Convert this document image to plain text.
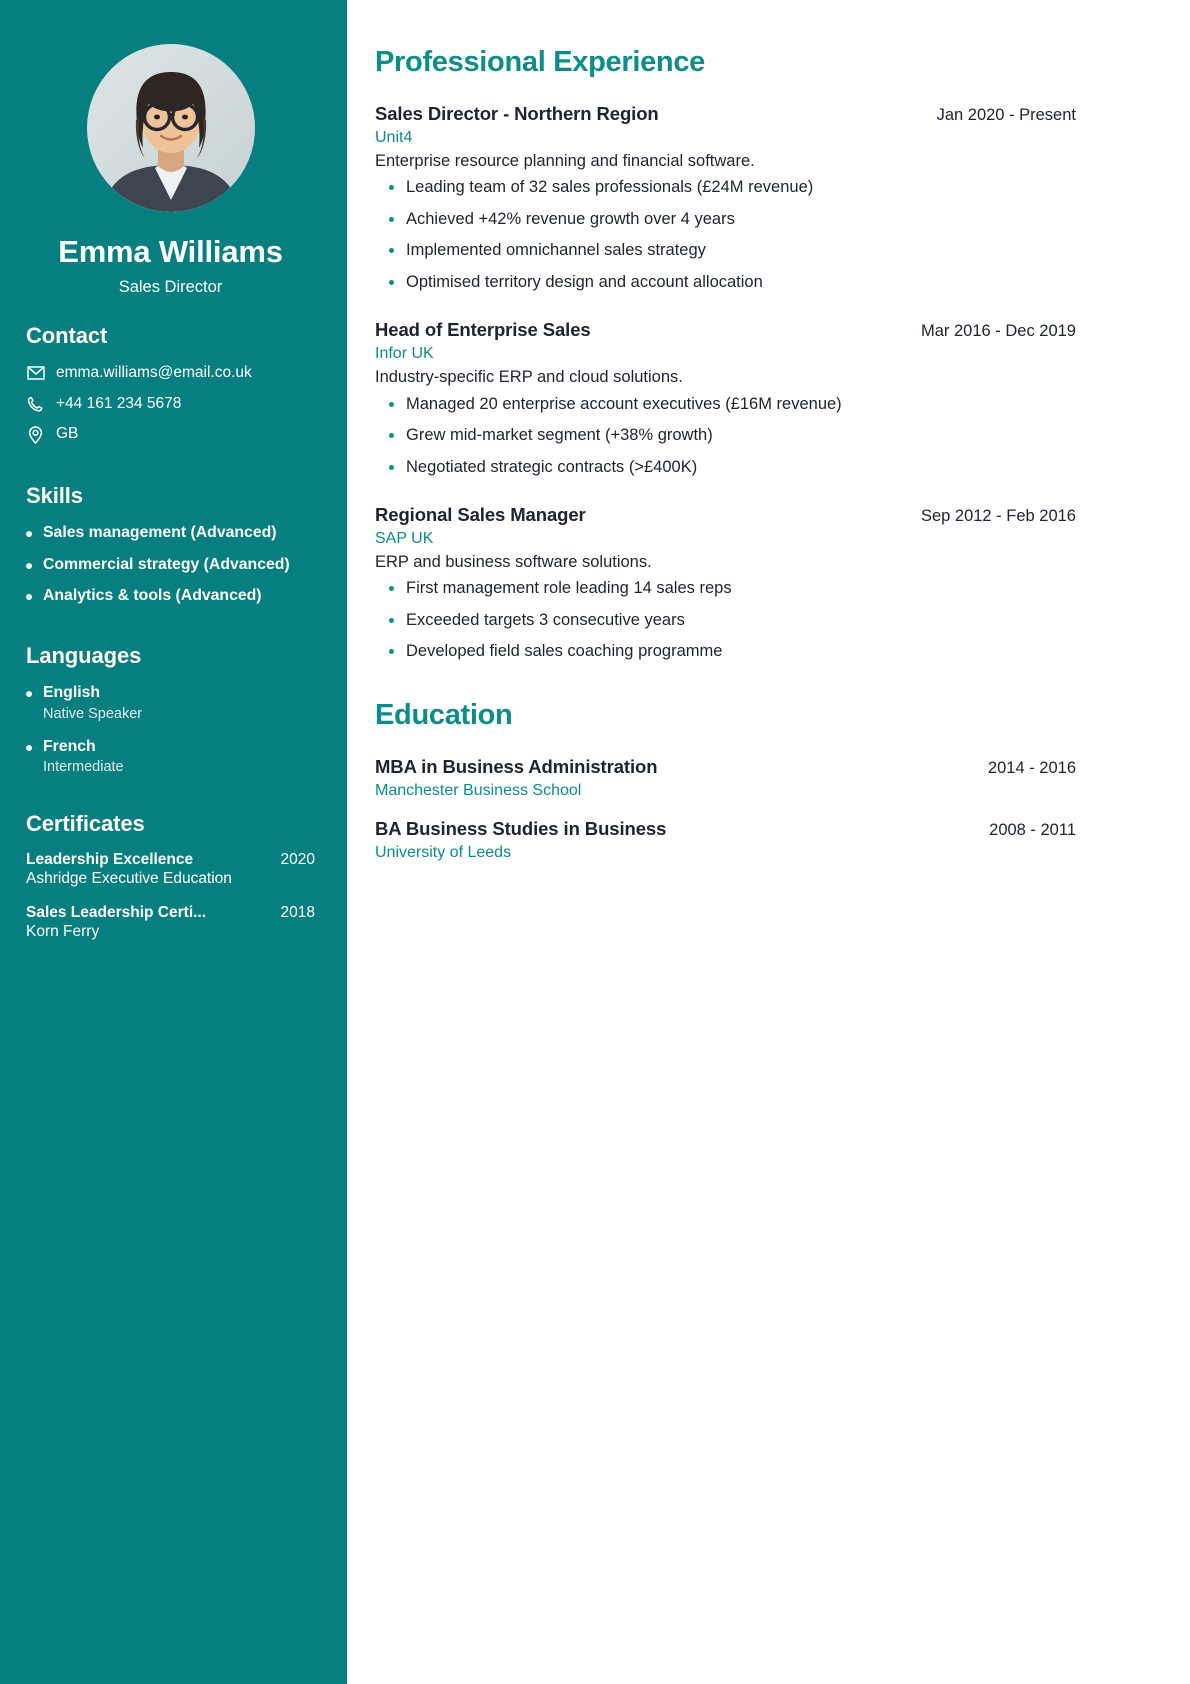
Emma Williams
Sales Director
Contact
emma.williams@email.co.uk
+44 161 234 5678
GB
Skills
Sales management (Advanced)
Commercial strategy (Advanced)
Analytics & tools (Advanced)
Languages
English
Native Speaker
French
Intermediate
Certificates
Leadership Excellence	2020
Ashridge Executive Education
Sales Leadership Certi...	2018
Korn Ferry
Professional Experience
Sales Director - Northern Region	Jan 2020 - Present
Unit4
Enterprise resource planning and financial software.
Leading team of 32 sales professionals (£24M revenue)
Achieved +42% revenue growth over 4 years
Implemented omnichannel sales strategy
Optimised territory design and account allocation
Head of Enterprise Sales	Mar 2016 - Dec 2019
Infor UK
Industry-specific ERP and cloud solutions.
Managed 20 enterprise account executives (£16M revenue)
Grew mid-market segment (+38% growth)
Negotiated strategic contracts (>£400K)
Regional Sales Manager	Sep 2012 - Feb 2016
SAP UK
ERP and business software solutions.
First management role leading 14 sales reps
Exceeded targets 3 consecutive years
Developed field sales coaching programme
Education
MBA in Business Administration	2014 - 2016
Manchester Business School
BA Business Studies in Business	2008 - 2011
University of Leeds
